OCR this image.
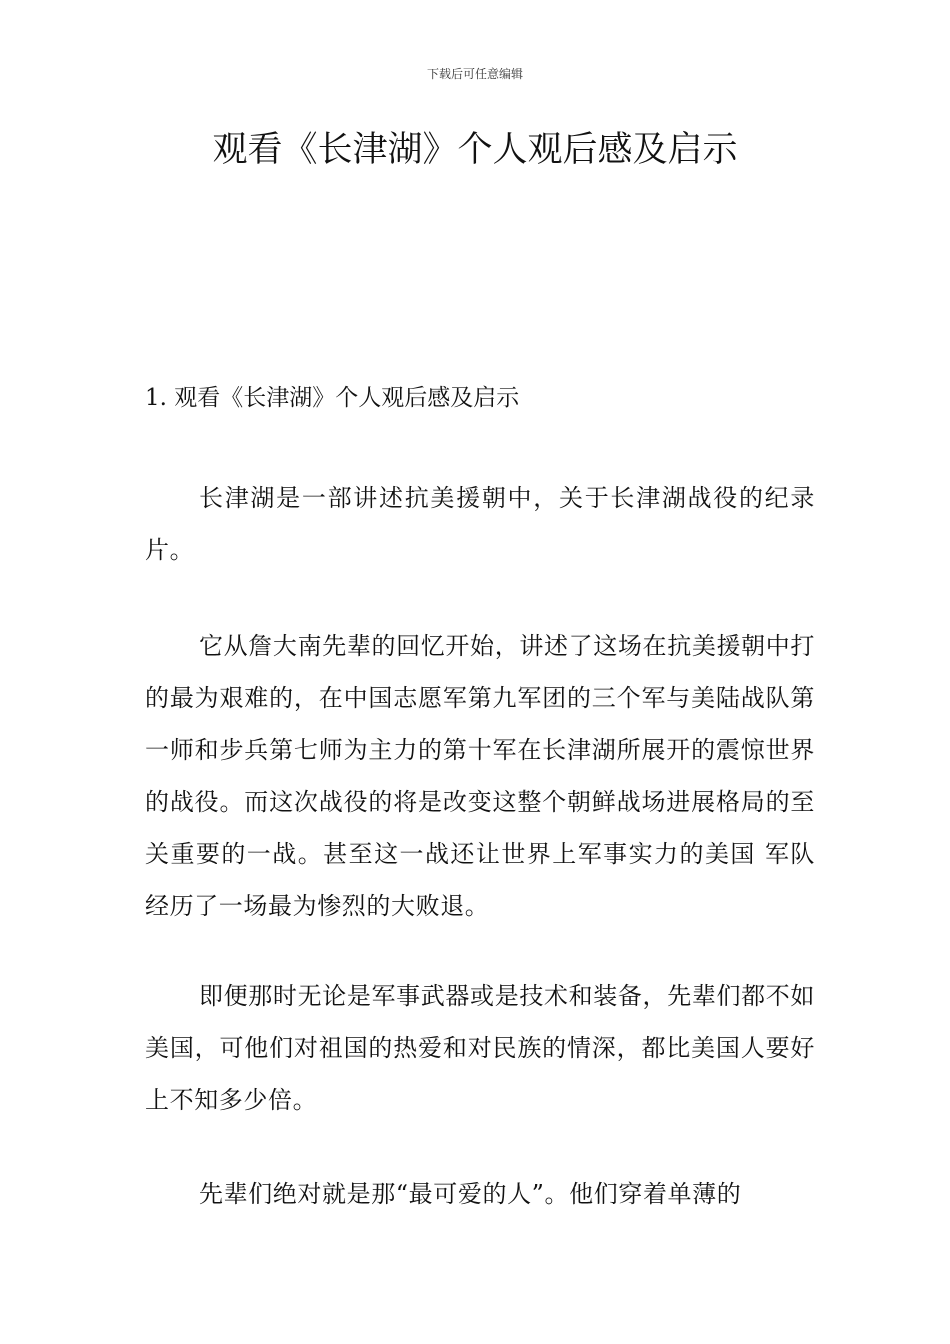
下载后可任意编辑
观看《长津湖》个人观后感及启示
1. 观看《长津湖》个人观后感及启示

长津湖是一部讲述抗美援朝中，关于长津湖战役的纪录片。

它从詹大南先辈的回忆开始，讲述了这场在抗美援朝中打的最为艰难的，在中国志愿军第九军团的三个军与美陆战队第一师和步兵第七师为主力的第十军在长津湖所展开的震惊世界的战役。而这次战役的将是改变这整个朝鲜战场进展格局的至关重要的一战。甚至这一战还让世界上军事实力的美国 军队经历了一场最为惨烈的大败退。

即便那时无论是军事武器或是技术和装备，先辈们都不如美国，可他们对祖国的热爱和对民族的情深，都比美国人要好上不知多少倍。

先辈们绝对就是那“最可爱的人”。他们穿着单薄的
